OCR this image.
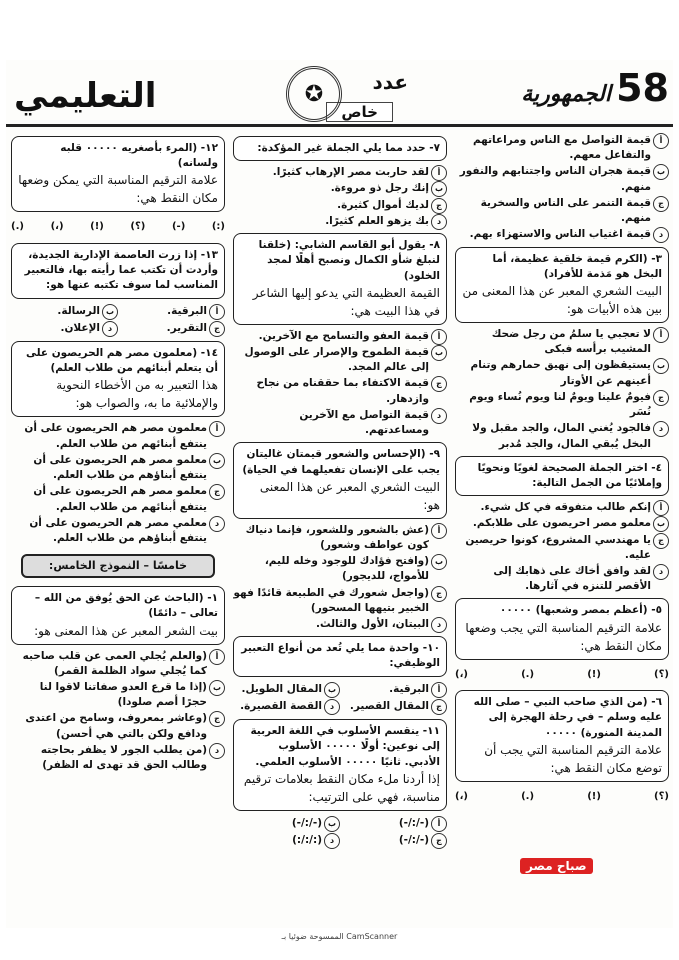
58
الجمهورية
عدد
خاص
✪
التعليمي
أ قيمة التواصل مع الناس ومراعاتهم والتفاعل معهم.
ب قيمة هجران الناس واجتنابهم والنفور منهم.
ج قيمة التنمر على الناس والسخرية منهم.
د قيمة اغتياب الناس والاستهزاء بهم.
٣- (الكرم قيمة خلقية عظيمة، أما البخل هو مَذمة للأفراد)
البيت الشعري المعبر عن هذا المعنى من بين هذه الأبيات هو:
أ لا تعجبي يا سلمُ من رجل ضحك المشيب برأسه فبكى
ب يستيقظون إلى نهيق حمارهم وتنام أعينهم عن الأوتار
ج فيومٌ علينا ويومٌ لنا ويوم نُساء ويوم نُسَر
د فالجود يُغني المال، والجد مقبل ولا البخل يُبقي المال، والجد مُدبر
٤- اختر الجملة الصحيحة لغويًا ونحويًا وإملائيًا من الجمل التالية:
أ إنكم طالب متفوقه في كل شيء.
ب معلمو مصر احريصون على طلابكم.
ج يا مهندسي المشروع، كونوا حريصين عليه.
د لقد وافق أخاك على ذهابك إلى الأقصر للتنزه في آثارها.
٥- (أعظم بمصر وشعبها) ٠٠٠٠٠
علامة الترقيم المناسبة التي يجب وضعها مكان النقط هي:
(؟)
(!)
(.)
(،)
٦- (من الذي صاحب النبي – صلى الله عليه وسلم – في رحلة الهجرة إلى المدينة المنورة) ٠٠٠٠٠
علامة الترقيم المناسبة التي يجب أن توضع مكان النقط هي:
(؟)
(!)
(.)
(،)
٧- حدد مما يلي الجملة غير المؤكدة:
أ لقد حاربت مصر الإرهاب كثيرًا.
ب إنك رجل ذو مروءة.
ج لديك أموال كثيرة.
د بك يزهو العلم كثيرًا.
٨- يقول أبو القاسم الشابي: (خلقنا لنبلغ شأو الكمال ونصبح أهلًا لمجد الخلود)
القيمة العظيمة التي يدعو إليها الشاعر في هذا البيت هي:
أ قيمة العفو والتسامح مع الآخرين.
ب قيمة الطموح والإصرار على الوصول إلى عالم المجد.
ج قيمة الاكتفاء بما حققناه من نجاح وازدهار.
د قيمة التواصل مع الآخرين ومساعدتهم.
٩- (الإحساس والشعور قيمتان غاليتان يجب على الإنسان تفعيلهما في الحياة)
البيت الشعري المعبر عن هذا المعنى هو:
أ (عش بالشعور وللشعور، فإنما دنياك كون عواطف وشعور)
ب (وافتح فؤادك للوجود وخله لليم، للأمواج، للديجور)
ج (واجعل شعورك في الطبيعة قائدًا فهو الخبير بتيهها المسحور)
د البيتان، الأول والثالث.
١٠- واحدة مما يلي تُعد من أنواع التعبير الوظيفي:
أ البرقية.
ب المقال الطويل.
ج المقال القصير.
د القصة القصيرة.
١١- ينقسم الأسلوب في اللغة العربية إلى نوعين: أولًا ٠٠٠٠٠ الأسلوب الأدبي. ثانيًا ٠٠٠٠٠ الأسلوب العلمي.
إذا أردنا ملء مكان النقط بعلامات ترقيم مناسبة، فهي على الترتيب:
أ (-/:/-)
ب (-/:/-)
ج (-/:/-)
د (:/:/:)
١٢- (المرء بأصغريه ٠٠٠٠٠ قلبه ولسانه)
علامة الترقيم المناسبة التي يمكن وضعها مكان النقط هي:
(:)
(-)
(؟)
(!)
(،)
(.)
١٣- إذا زرت العاصمة الإدارية الجديدة، وأردت أن تكتب عما رأيته بها، فالتعبير المناسب لما سوف تكتبه عنها هو:
أ البرقية.
ب الرسالة.
ج التقرير.
د الإعلان.
١٤- (معلمون مصر هم الحريصون على أن يتعلم أبنائهم من طلاب العلم)
هذا التعبير به من الأخطاء النحوية والإملائية ما به، والصواب هو:
أ معلمون مصر هم الحريصون على أن ينتفع أبنائهم من طلاب العلم.
ب معلمو مصر هم الحريصون على أن ينتفع أبناؤهم من طلاب العلم.
ج معلمو مصر هم الحريصون على أن ينتفع أبنائهم من طلاب العلم.
د معلمي مصر هم الحريصون على أن ينتفع أبناؤهم من طلاب العلم.
خامسًا – النموذج الخامس:
١- (الباحث عن الحق يُوفق من الله – تعالى – دائمًا)
بيت الشعر المعبر عن هذا المعنى هو:
أ (والعلم يُجلي العمى عن قلب صاحبه كما يُجلي سواد الظلمة القمر)
ب (إذا ما قرع العدو صفاتنا لاقوا لنا حجرًا أصم صلودا)
ج (وعاشر بمعروف، وسامح من اعتدى ودافع ولكن بالتي هي أحسن)
د (من يطلب الجور لا يظفر بحاجته وطالب الحق قد تهدى له الظفر)
صباح مصر
CamScanner الممسوحة ضوئيا بـ
